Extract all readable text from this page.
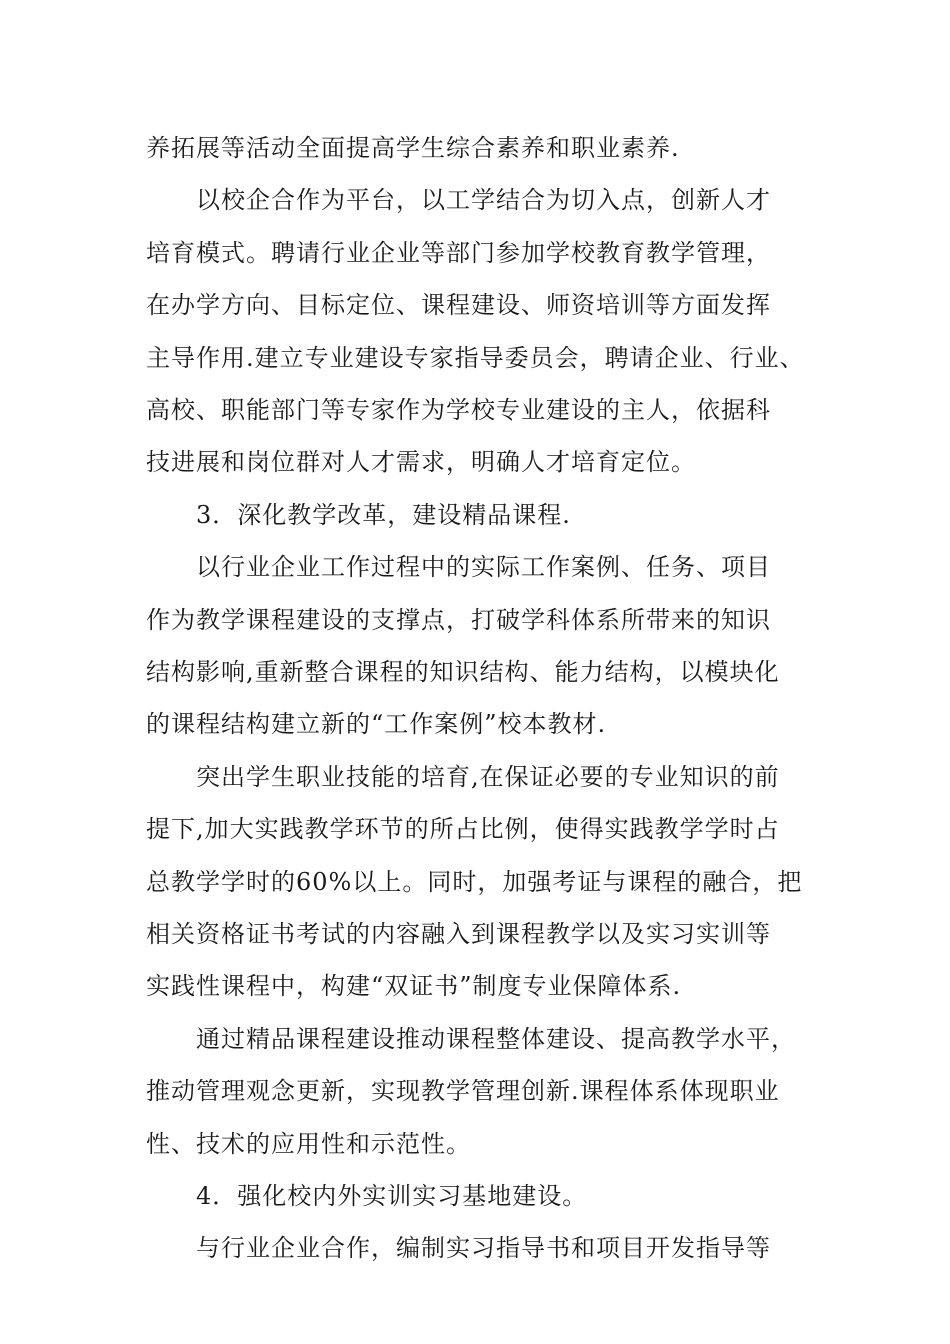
养拓展等活动全面提高学生综合素养和职业素养.
以校企合作为平台，以工学结合为切入点，创新人才
培育模式。聘请行业企业等部门参加学校教育教学管理，
在办学方向、目标定位、课程建设、师资培训等方面发挥
主导作用.建立专业建设专家指导委员会，聘请企业、行业、
高校、职能部门等专家作为学校专业建设的主人，依据科
技进展和岗位群对人才需求，明确人才培育定位。
3．深化教学改革，建设精品课程.
以行业企业工作过程中的实际工作案例、任务、项目
作为教学课程建设的支撑点，打破学科体系所带来的知识
结构影响,重新整合课程的知识结构、能力结构，以模块化
的课程结构建立新的“工作案例”校本教材.
突出学生职业技能的培育,在保证必要的专业知识的前
提下,加大实践教学环节的所占比例，使得实践教学学时占
总教学学时的60%以上。同时，加强考证与课程的融合，把
相关资格证书考试的内容融入到课程教学以及实习实训等
实践性课程中，构建“双证书”制度专业保障体系.
通过精品课程建设推动课程整体建设、提高教学水平，
推动管理观念更新，实现教学管理创新.课程体系体现职业
性、技术的应用性和示范性。
4．强化校内外实训实习基地建设。
与行业企业合作，编制实习指导书和项目开发指导等
